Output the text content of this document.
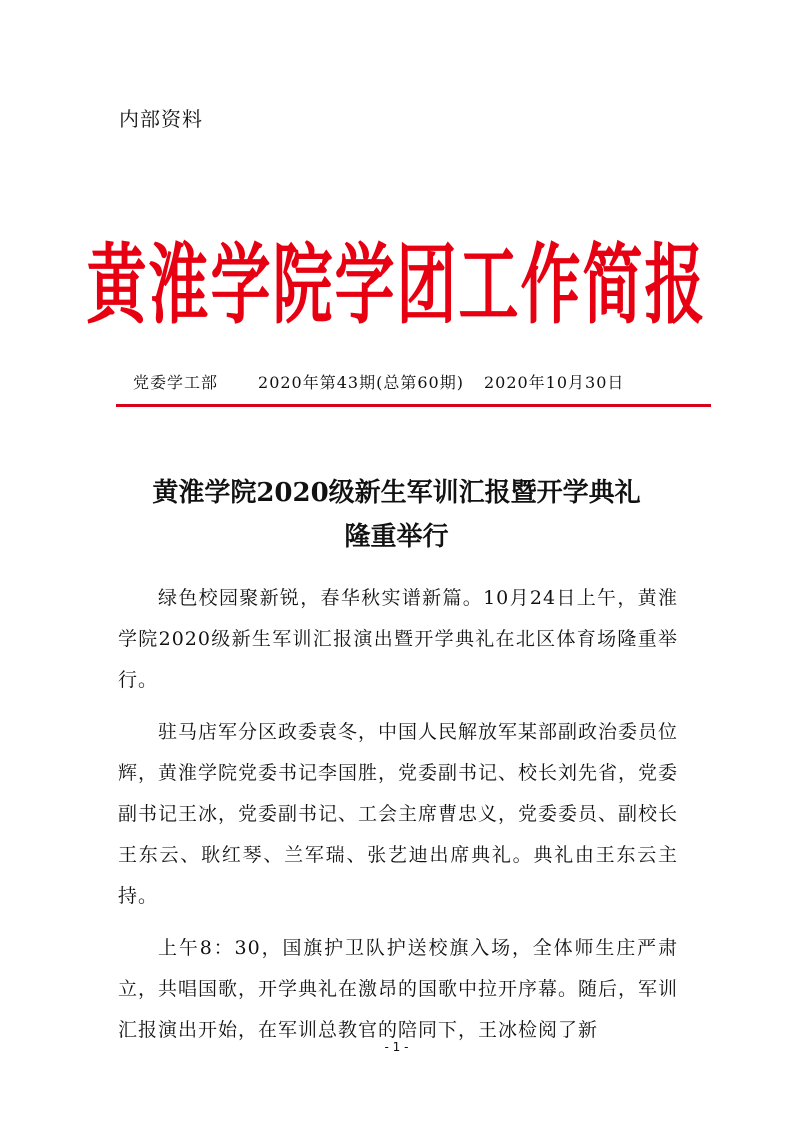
内部资料
黄淮学院学团工作简报
党委学工部	2020年第43期(总第60期) 2020年10月30日
黄淮学院2020级新生军训汇报暨开学典礼
隆重举行

绿色校园聚新锐，春华秋实谱新篇。10月24日上午，黄淮学院2020级新生军训汇报演出暨开学典礼在北区体育场隆重举行。

驻马店军分区政委袁冬，中国人民解放军某部副政治委员位辉，黄淮学院党委书记李国胜，党委副书记、校长刘先省，党委副书记王冰，党委副书记、工会主席曹忠义，党委委员、副校长王东云、耿红琴、兰军瑞、张艺迪出席典礼。典礼由王东云主持。

上午8：30，国旗护卫队护送校旗入场，全体师生庄严肃立，共唱国歌，开学典礼在激昂的国歌中拉开序幕。随后，军训汇报演出开始，在军训总教官的陪同下，王冰检阅了新

- 1 -
